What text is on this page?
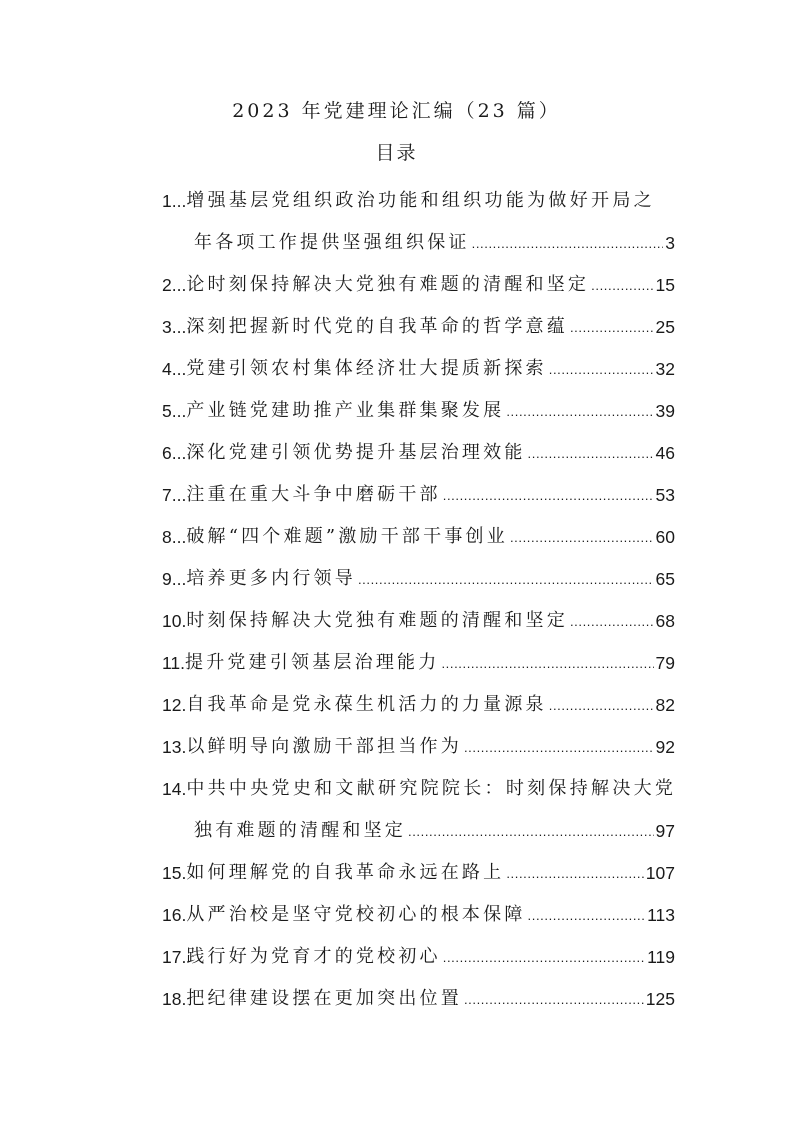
2023 年党建理论汇编（23 篇）
目录
1... 增强基层党组织政治功能和组织功能为做好开局之
年各项工作提供坚强组织保证 .....	3
2... 论时刻保持解决大党独有难题的清醒和坚定 .....	15
3... 深刻把握新时代党的自我革命的哲学意蕴 .....	25
4... 党建引领农村集体经济壮大提质新探索 .....	32
5... 产业链党建助推产业集群集聚发展 .....	39
6... 深化党建引领优势提升基层治理效能 .....	46
7... 注重在重大斗争中磨砺干部 .....	53
8... 破解“四个难题”激励干部干事创业 .....	60
9... 培养更多内行领导 .....	65
10. 时刻保持解决大党独有难题的清醒和坚定 .....	68
11. 提升党建引领基层治理能力 .....	79
12. 自我革命是党永葆生机活力的力量源泉 .....	82
13. 以鲜明导向激励干部担当作为 .....	92
14. 中共中央党史和文献研究院院长：时刻保持解决大党
独有难题的清醒和坚定 .....	97
15. 如何理解党的自我革命永远在路上 .....	107
16. 从严治校是坚守党校初心的根本保障 .....	113
17. 践行好为党育才的党校初心 .....	119
18. 把纪律建设摆在更加突出位置 .....	125
